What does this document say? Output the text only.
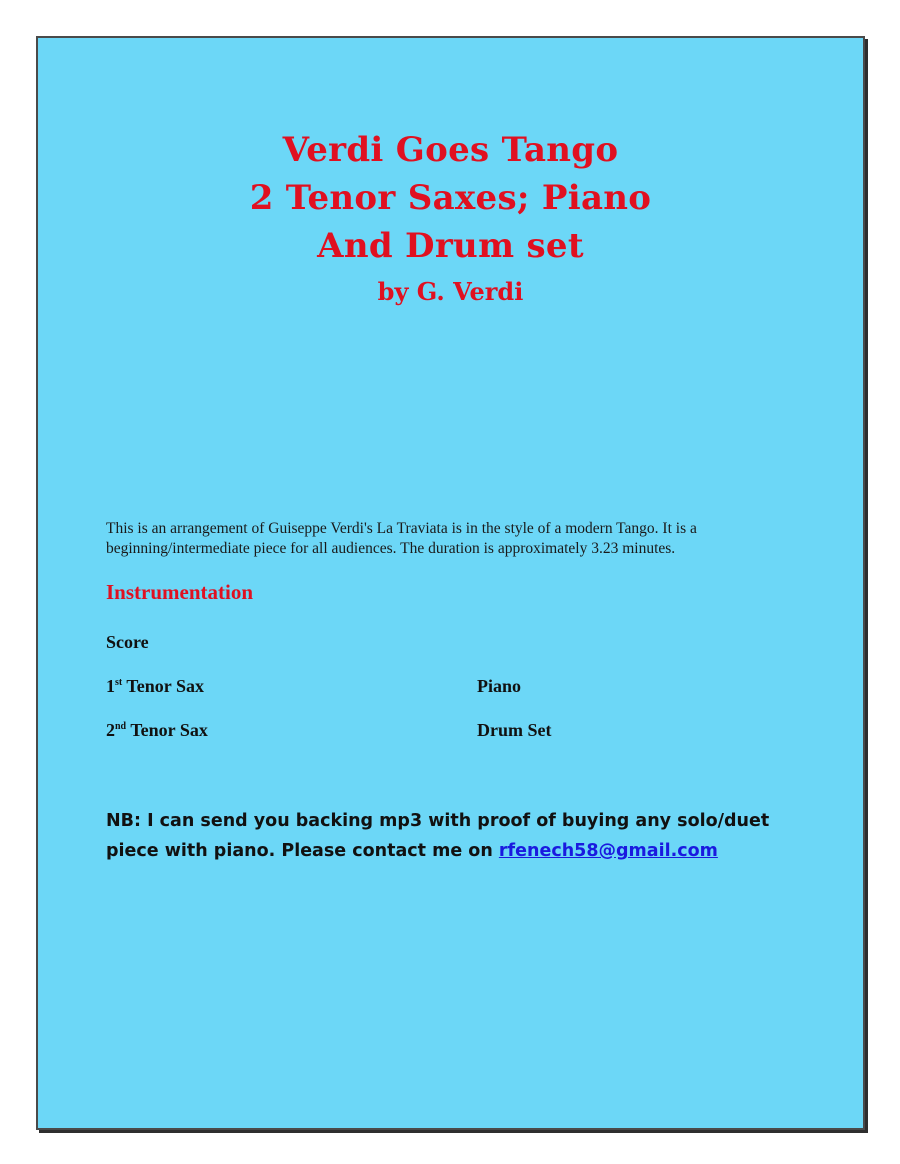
Verdi Goes Tango
2 Tenor Saxes; Piano
And Drum set
by G. Verdi
This is an arrangement of Guiseppe Verdi's La Traviata is in the style of a modern Tango. It is a beginning/intermediate piece for all audiences. The duration is approximately 3.23 minutes.
Instrumentation
Score
1st Tenor Sax	Piano
2nd Tenor Sax	Drum Set
NB: I can send you backing mp3 with proof of buying any solo/duet piece with piano. Please contact me on rfenech58@gmail.com
